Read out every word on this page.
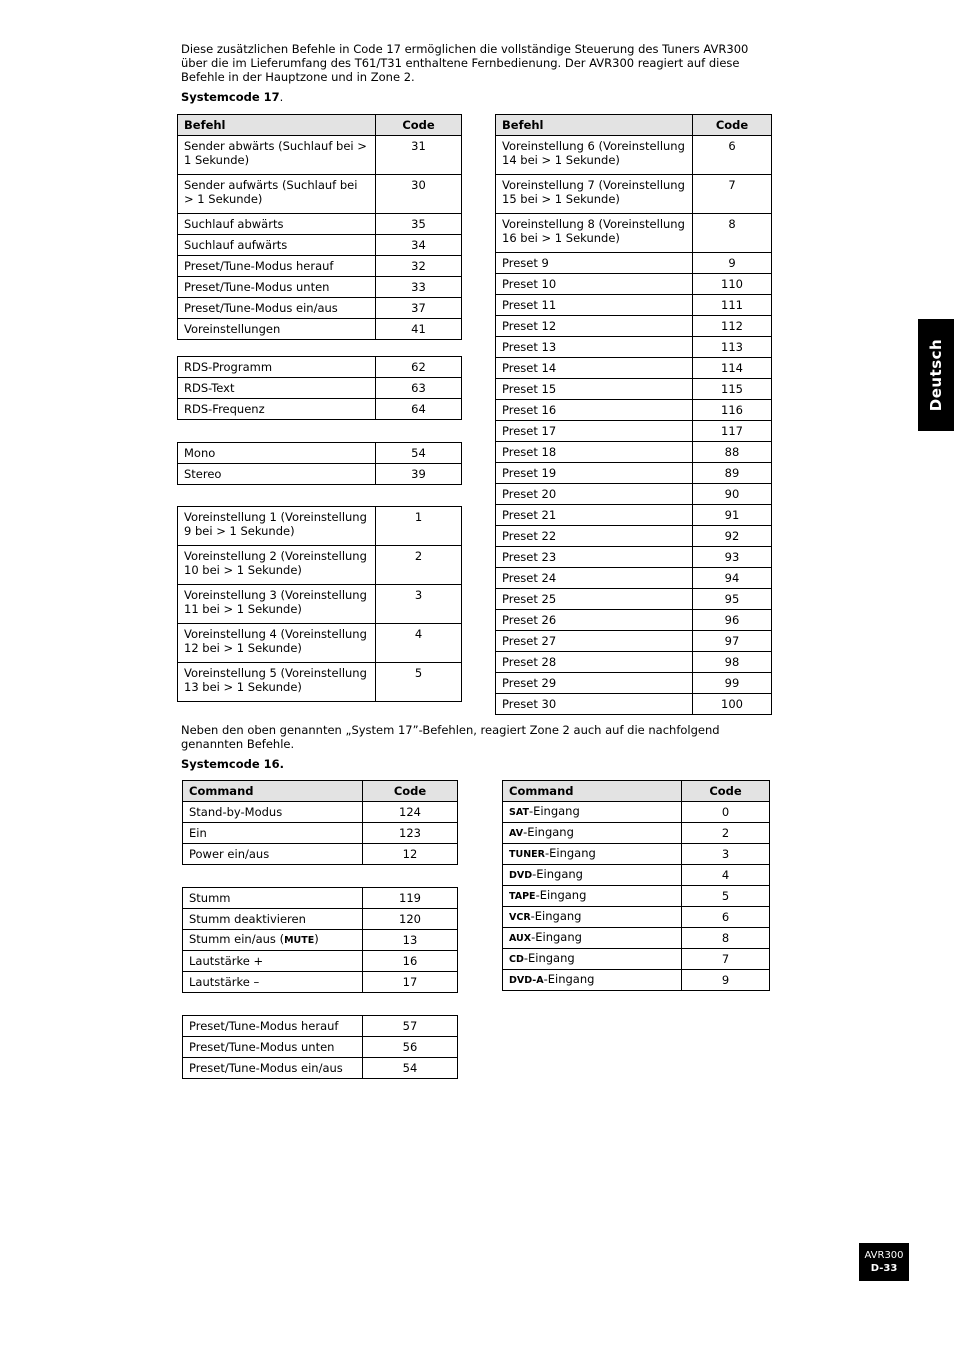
Diese zusätzlichen Befehle in Code 17 ermöglichen die vollständige Steuerung des Tuners AVR300 über die im Lieferumfang des T61/T31 enthaltene Fernbedienung. Der AVR300 reagiert auf diese Befehle in der Hauptzone und in Zone 2.

Systemcode 17.

Befehl	Code
Sender abwärts (Suchlauf bei > 1 Sekunde)	31
Sender aufwärts (Suchlauf bei > 1 Sekunde)	30
Suchlauf abwärts	35
Suchlauf aufwärts	34
Preset/Tune-Modus herauf	32
Preset/Tune-Modus unten	33
Preset/Tune-Modus ein/aus	37
Voreinstellungen	41
RDS-Programm	62
RDS-Text	63
RDS-Frequenz	64
Mono	54
Stereo	39
Voreinstellung 1 (Voreinstellung 9 bei > 1 Sekunde)	1
Voreinstellung 2 (Voreinstellung 10 bei > 1 Sekunde)	2
Voreinstellung 3 (Voreinstellung 11 bei > 1 Sekunde)	3
Voreinstellung 4 (Voreinstellung 12 bei > 1 Sekunde)	4
Voreinstellung 5 (Voreinstellung 13 bei > 1 Sekunde)	5
Befehl	Code
Voreinstellung 6 (Voreinstellung 14 bei > 1 Sekunde)	6
Voreinstellung 7 (Voreinstellung 15 bei > 1 Sekunde)	7
Voreinstellung 8 (Voreinstellung 16 bei > 1 Sekunde)	8
Preset 9	9
Preset 10	110
Preset 11	111
Preset 12	112
Preset 13	113
Preset 14	114
Preset 15	115
Preset 16	116
Preset 17	117
Preset 18	88
Preset 19	89
Preset 20	90
Preset 21	91
Preset 22	92
Preset 23	93
Preset 24	94
Preset 25	95
Preset 26	96
Preset 27	97
Preset 28	98
Preset 29	99
Preset 30	100

Neben den oben genannten „System 17”-Befehlen, reagiert Zone 2 auch auf die nachfolgend genannten Befehle.

Systemcode 16.

Command	Code
Stand-by-Modus	124
Ein	123
Power ein/aus	12
Stumm	119
Stumm deaktivieren	120
Stumm ein/aus (MUTE)	13
Lautstärke +	16
Lautstärke –	17
Preset/Tune-Modus herauf	57
Preset/Tune-Modus unten	56
Preset/Tune-Modus ein/aus	54
Command	Code
SAT-Eingang	0
AV-Eingang	2
TUNER-Eingang	3
DVD-Eingang	4
TAPE-Eingang	5
VCR-Eingang	6
AUX-Eingang	8
CD-Eingang	7
DVD-A-Eingang	9
Deutsch
AVR300
D-33
